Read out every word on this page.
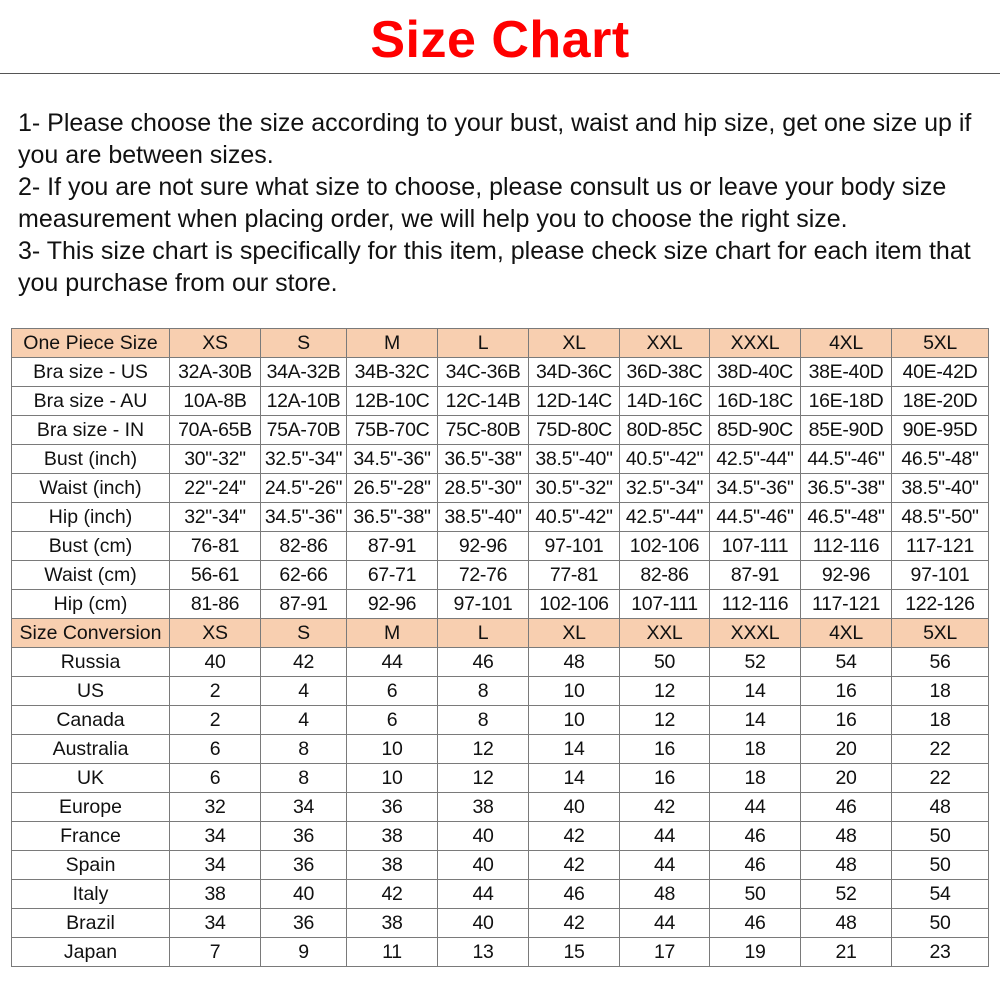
Size Chart

1- Please choose the size according to your bust, waist and hip size, get one size up if you are between sizes.

2- If you are not sure what size to choose, please consult us or leave your body size measurement when placing order, we will help you to choose the right size.

3- This size chart is specifically for this item, please check size chart for each item that you purchase from our store.

One Piece Size	XS	S	M	L	XL	XXL	XXXL	4XL	5XL
Bra size - US	32A-30B	34A-32B	34B-32C	34C-36B	34D-36C	36D-38C	38D-40C	38E-40D	40E-42D
Bra size - AU	10A-8B	12A-10B	12B-10C	12C-14B	12D-14C	14D-16C	16D-18C	16E-18D	18E-20D
Bra size - IN	70A-65B	75A-70B	75B-70C	75C-80B	75D-80C	80D-85C	85D-90C	85E-90D	90E-95D
Bust (inch)	30"-32"	32.5"-34"	34.5"-36"	36.5"-38"	38.5"-40"	40.5"-42"	42.5"-44"	44.5"-46"	46.5"-48"
Waist (inch)	22"-24"	24.5"-26"	26.5"-28"	28.5"-30"	30.5"-32"	32.5"-34"	34.5"-36"	36.5"-38"	38.5"-40"
Hip (inch)	32"-34"	34.5"-36"	36.5"-38"	38.5"-40"	40.5"-42"	42.5"-44"	44.5"-46"	46.5"-48"	48.5"-50"
Bust (cm)	76-81	82-86	87-91	92-96	97-101	102-106	107-111	112-116	117-121
Waist (cm)	56-61	62-66	67-71	72-76	77-81	82-86	87-91	92-96	97-101
Hip (cm)	81-86	87-91	92-96	97-101	102-106	107-111	112-116	117-121	122-126
Size Conversion	XS	S	M	L	XL	XXL	XXXL	4XL	5XL
Russia	40	42	44	46	48	50	52	54	56
US	2	4	6	8	10	12	14	16	18
Canada	2	4	6	8	10	12	14	16	18
Australia	6	8	10	12	14	16	18	20	22
UK	6	8	10	12	14	16	18	20	22
Europe	32	34	36	38	40	42	44	46	48
France	34	36	38	40	42	44	46	48	50
Spain	34	36	38	40	42	44	46	48	50
Italy	38	40	42	44	46	48	50	52	54
Brazil	34	36	38	40	42	44	46	48	50
Japan	7	9	11	13	15	17	19	21	23
